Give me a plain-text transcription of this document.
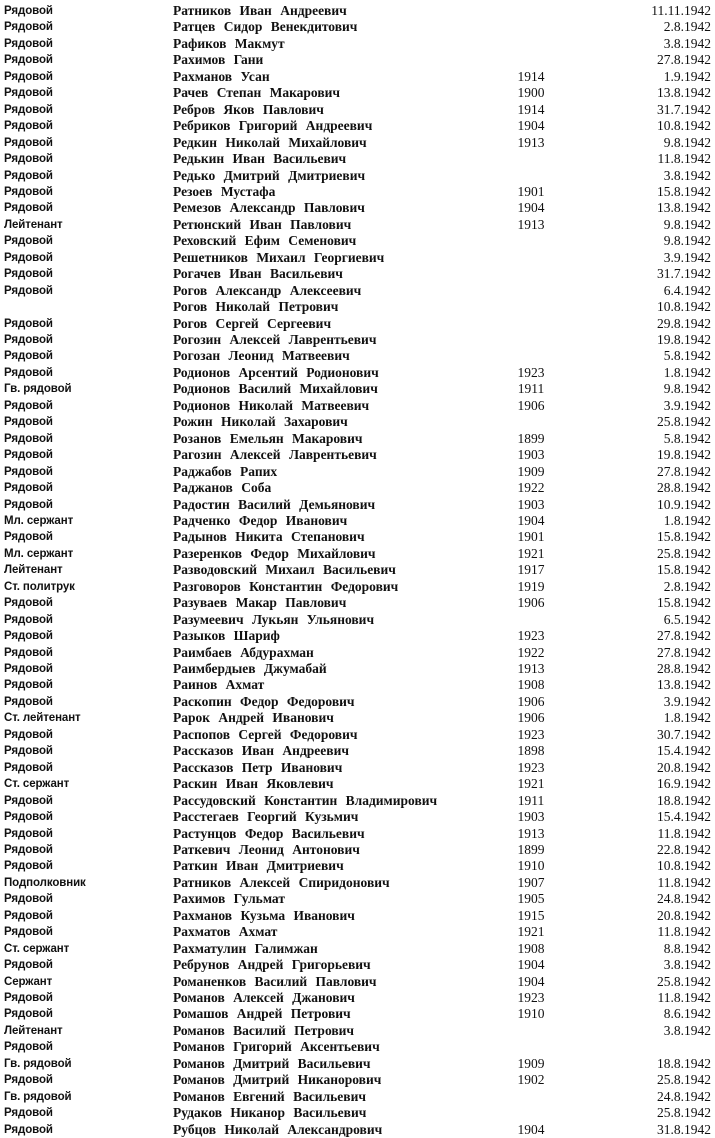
Рядовой	Ратников Иван Андреевич	11.11.1942
Рядовой	Ратцев Сидор Венекдитович	2.8.1942
Рядовой	Рафиков Макмут	3.8.1942
Рядовой	Рахимов Гани	27.8.1942
Рядовой	Рахманов Усан	1914	1.9.1942
Рядовой	Рачев Степан Макарович	1900	13.8.1942
Рядовой	Ребров Яков Павлович	1914	31.7.1942
Рядовой	Ребриков Григорий Андреевич	1904	10.8.1942
Рядовой	Редкин Николай Михайлович	1913	9.8.1942
Рядовой	Редькин Иван Васильевич	11.8.1942
Рядовой	Редько Дмитрий Дмитриевич	3.8.1942
Рядовой	Резоев Мустафа	1901	15.8.1942
Рядовой	Ремезов Александр Павлович	1904	13.8.1942
Лейтенант	Ретюнский Иван Павлович	1913	9.8.1942
Рядовой	Реховский Ефим Семенович	9.8.1942
Рядовой	Решетников Михаил Георгиевич	3.9.1942
Рядовой	Рогачев Иван Васильевич	31.7.1942
Рядовой	Рогов Александр Алексеевич	6.4.1942
Рогов Николай Петрович	10.8.1942
Рядовой	Рогов Сергей Сергеевич	29.8.1942
Рядовой	Рогозин Алексей Лаврентьевич	19.8.1942
Рядовой	Рогозан Леонид Матвеевич	5.8.1942
Рядовой	Родионов Арсентий Родионович	1923	1.8.1942
Гв. рядовой	Родионов Василий Михайлович	1911	9.8.1942
Рядовой	Родионов Николай Матвеевич	1906	3.9.1942
Рядовой	Рожин Николай Захарович	25.8.1942
Рядовой	Розанов Емельян Макарович	1899	5.8.1942
Рядовой	Рагозин Алексей Лаврентьевич	1903	19.8.1942
Рядовой	Раджабов Рапих	1909	27.8.1942
Рядовой	Раджанов Соба	1922	28.8.1942
Рядовой	Радостин Василий Демьянович	1903	10.9.1942
Мл. сержант	Радченко Федор Иванович	1904	1.8.1942
Рядовой	Радынов Никита Степанович	1901	15.8.1942
Мл. сержант	Разеренков Федор Михайлович	1921	25.8.1942
Лейтенант	Разводовский Михаил Васильевич	1917	15.8.1942
Ст. политрук	Разговоров Константин Федорович	1919	2.8.1942
Рядовой	Разуваев Макар Павлович	1906	15.8.1942
Рядовой	Разумеевич Лукьян Ульянович	6.5.1942
Рядовой	Разыков Шариф	1923	27.8.1942
Рядовой	Раимбаев Абдурахман	1922	27.8.1942
Рядовой	Раимбердыев Джумабай	1913	28.8.1942
Рядовой	Раинов Ахмат	1908	13.8.1942
Рядовой	Раскопин Федор Федорович	1906	3.9.1942
Ст. лейтенант	Рарок Андрей Иванович	1906	1.8.1942
Рядовой	Распопов Сергей Федорович	1923	30.7.1942
Рядовой	Рассказов Иван Андреевич	1898	15.4.1942
Рядовой	Рассказов Петр Иванович	1923	20.8.1942
Ст. сержант	Раскин Иван Яковлевич	1921	16.9.1942
Рядовой	Рассудовский Константин Владимирович	1911	18.8.1942
Рядовой	Расстегаев Георгий Кузьмич	1903	15.4.1942
Рядовой	Растунцов Федор Васильевич	1913	11.8.1942
Рядовой	Раткевич Леонид Антонович	1899	22.8.1942
Рядовой	Раткин Иван Дмитриевич	1910	10.8.1942
Подполковник	Ратников Алексей Спиридонович	1907	11.8.1942
Рядовой	Рахимов Гульмат	1905	24.8.1942
Рядовой	Рахманов Кузьма Иванович	1915	20.8.1942
Рядовой	Рахматов Ахмат	1921	11.8.1942
Ст. сержант	Рахматулин Галимжан	1908	8.8.1942
Рядовой	Ребрунов Андрей Григорьевич	1904	3.8.1942
Сержант	Романенков Василий Павлович	1904	25.8.1942
Рядовой	Романов Алексей Джанович	1923	11.8.1942
Рядовой	Ромашов Андрей Петрович	1910	8.6.1942
Лейтенант	Романов Василий Петрович	3.8.1942
Рядовой	Романов Григорий Аксентьевич
Гв. рядовой	Романов Дмитрий Васильевич	1909	18.8.1942
Рядовой	Романов Дмитрий Никанорович	1902	25.8.1942
Гв. рядовой	Романов Евгений Васильевич	24.8.1942
Рядовой	Рудаков Никанор Васильевич	25.8.1942
Рядовой	Рубцов Николай Александрович	1904	31.8.1942
